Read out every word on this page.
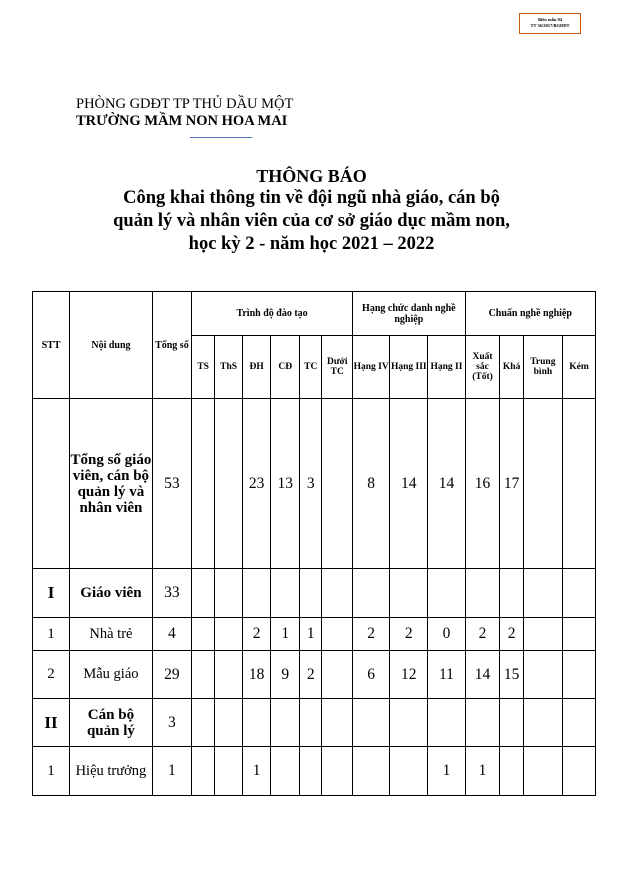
Biểu mẫu 04
TT 36/2017/BGDĐT
PHÒNG GDĐT TP THỦ DẦU MỘT
TRƯỜNG MẦM NON HOA MAI
THÔNG BÁO
Công khai thông tin về đội ngũ nhà giáo, cán bộ
quản lý và nhân viên của cơ sở giáo dục mầm non,
học kỳ 2 - năm học 2021 – 2022
STT	Nội dung	Tổng số	Trình độ đào tạo						Hạng chức danh nghề nghiệp			Chuẩn nghề nghiệp			
			TS	ThS	ĐH	CĐ	TC	Dưới TC	Hạng IV	Hạng III	Hạng II	Xuất sắc (Tốt)	Khá	Trung bình	Kém
	Tổng số giáo viên, cán bộ quản lý và nhân viên	53			23	13	3		8	14	14	16	17		
I	Giáo viên	33													
1	Nhà trẻ	4			2	1	1		2	2	0	2	2		
2	Mẫu giáo	29			18	9	2		6	12	11	14	15		
II	Cán bộ quản lý	3													
1	Hiệu trưởng	1			1						1	1			
